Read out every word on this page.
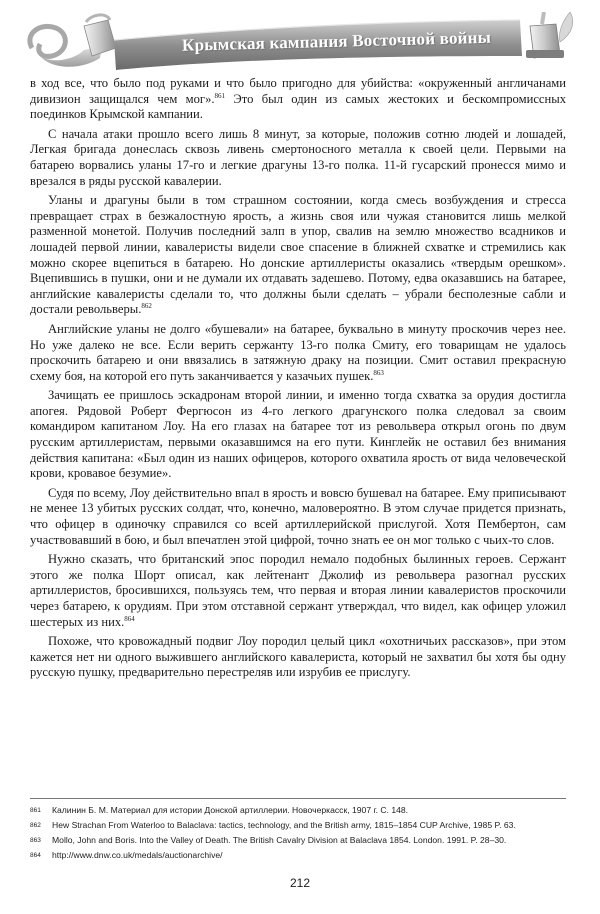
Крымская кампания Восточной войны

в ход все, что было под руками и что было пригодно для убийства: «окруженный англичанами дивизион защищался чем мог».$^{861}$ Это был один из самых жестоких и бескомпромиссных поединков Крымской кампании.

С начала атаки прошло всего лишь 8 минут, за которые, положив сотню людей и лошадей, Легкая бригада донеслась сквозь ливень смертоносного металла к своей цели. Первыми на батарею ворвались уланы 17-го и легкие драгуны 13-го полка. 11-й гусарский пронесся мимо и врезался в ряды русской кавалерии.

Уланы и драгуны были в том страшном состоянии, когда смесь возбуждения и стресса превращает страх в безжалостную ярость, а жизнь своя или чужая становится лишь мелкой разменной монетой. Получив последний залп в упор, свалив на землю множество всадников и лошадей первой линии, кавалеристы видели свое спасение в ближней схватке и стремились как можно скорее вцепиться в батарею. Но донские артиллеристы оказались «твердым орешком». Вцепившись в пушки, они и не думали их отдавать задешево. Потому, едва оказавшись на батарее, английские кавалеристы сделали то, что должны были сделать – убрали бесполезные сабли и достали револьверы.$^{862}$

Английские уланы не долго «бушевали» на батарее, буквально в минуту проскочив через нее. Но уже далеко не все. Если верить сержанту 13-го полка Смиту, его товарищам не удалось проскочить батарею и они ввязались в затяжную драку на позиции. Смит оставил прекрасную схему боя, на которой его путь заканчивается у казачьих пушек.$^{863}$

Зачищать ее пришлось эскадронам второй линии, и именно тогда схватка за орудия достигла апогея. Рядовой Роберт Фергюсон из 4-го легкого драгунского полка следовал за своим командиром капитаном Лоу. На его глазах на батарее тот из револьвера открыл огонь по двум русским артиллеристам, первыми оказавшимся на его пути. Кинглейк не оставил без внимания действия капитана: «Был один из наших офицеров, которого охватила ярость от вида человеческой крови, кровавое безумие».

Судя по всему, Лоу действительно впал в ярость и вовсю бушевал на батарее. Ему приписывают не менее 13 убитых русских солдат, что, конечно, маловероятно. В этом случае придется признать, что офицер в одиночку справился со всей артиллерийской прислугой. Хотя Пембертон, сам участвовавший в бою, и был впечатлен этой цифрой, точно знать ее он мог только с чьих-то слов.

Нужно сказать, что британский эпос породил немало подобных былинных героев. Сержант этого же полка Шорт описал, как лейтенант Джолиф из револьвера разогнал русских артиллеристов, бросившихся, пользуясь тем, что первая и вторая линии кавалеристов проскочили через батарею, к орудиям. При этом отставной сержант утверждал, что видел, как офицер уложил шестерых из них.$^{864}$

Похоже, что кровожадный подвиг Лоу породил целый цикл «охотничьих рассказов», при этом кажется нет ни одного выжившего английского кавалериста, который не захватил бы хотя бы одну русскую пушку, предварительно перестреляв или изрубив ее прислугу.

861	Калинин Б. М. Материал для истории Донской артиллерии. Новочеркасск, 1907 г. С. 148.
862	Hew Strachan From Waterloo to Balaclava: tactics, technology, and the British army, 1815–1854 CUP Archive, 1985 P. 63.
863	Mollo, John and Boris. Into the Valley of Death. The British Cavalry Division at Balaclava 1854. London. 1991. P. 28–30.
864	http://www.dnw.co.uk/medals/auctionarchive/
212
